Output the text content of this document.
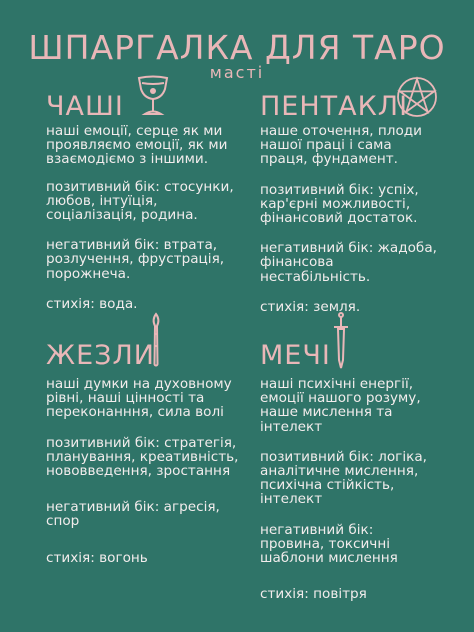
ШПАРГАЛКА ДЛЯ ТАРО
масті
ЧАШІ
наші емоції, серце як ми проявляємо емоції, як ми взаємодіємо з іншими.
позитивний бік: стосунки, любов, інтуїція, соціалізація, родина.
негативний бік: втрата, розлучення, фрустрація, порожнеча.
стихія: вода.
ПЕНТАКЛІ
наше оточення, плоди нашої праці і сама праця, фундамент.
позитивний бік: успіх, кар'єрні можливості, фінансовий достаток.
негативний бік: жадоба, фінансова нестабільність.
стихія: земля.
ЖЕЗЛИ
наші думки на духовному рівні, наші цінності та переконанння, сила волі
позитивний бік: стратегія, планування, креативність, нововведення, зростання
негативний бік: агресія, спор
стихія: вогонь
МЕЧІ
наші психічні енергії, емоції нашого розуму, наше мислення та інтелект
позитивний бік: логіка, аналітичне мислення, психічна стійкість, інтелект
негативний бік: провина, токсичні шаблони мислення
стихія: повітря
